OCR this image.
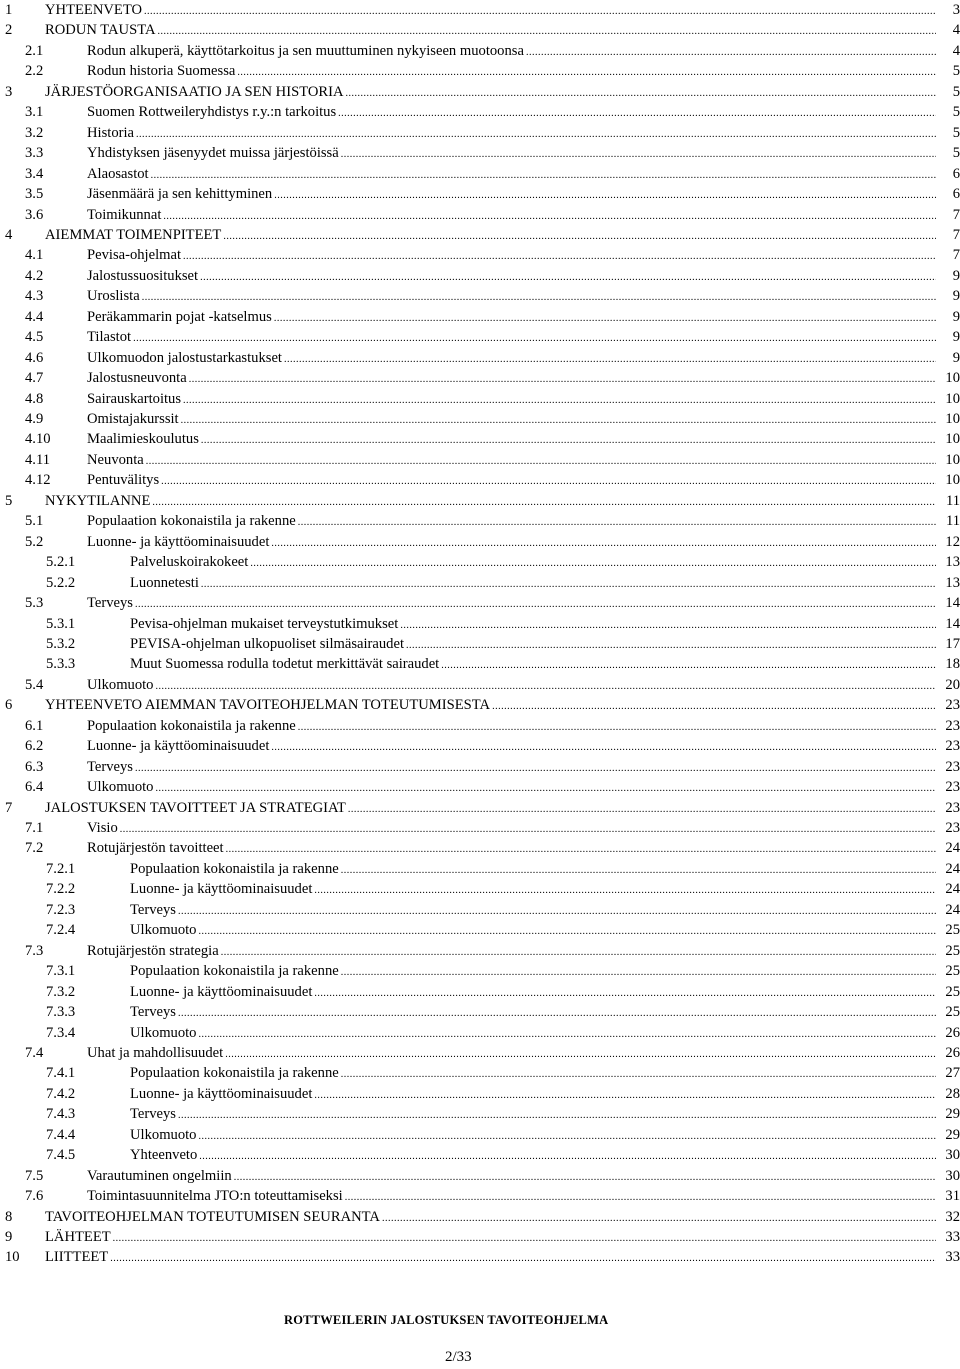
1 YHTEENVETO .....	3
2 RODUN TAUSTA .....	4
2.1	Rodun alkuperä, käyttötarkoitus ja sen muuttuminen nykyiseen muotoonsa .....	4
2.2	Rodun historia Suomessa .....	5
3 JÄRJESTÖORGANISAATIO JA SEN HISTORIA .....	5
3.1	Suomen Rottweileryhdistys r.y.:n tarkoitus .....	5
3.2	Historia .....	5
3.3	Yhdistyksen jäsenyydet muissa järjestöissä .....	5
3.4	Alaosastot .....	6
3.5	Jäsenmäärä ja sen kehittyminen .....	6
3.6	Toimikunnat .....	7
4 AIEMMAT TOIMENPITEET .....	7
4.1	Pevisa-ohjelmat .....	7
4.2	Jalostussuositukset .....	9
4.3	Uroslista .....	9
4.4	Peräkammarin pojat -katselmus .....	9
4.5	Tilastot .....	9
4.6	Ulkomuodon jalostustarkastukset .....	9
4.7	Jalostusneuvonta .....	10
4.8	Sairauskartoitus .....	10
4.9	Omistajakurssit .....	10
4.10 Maalimieskoulutus .....	10
4.11	Neuvonta .....	10
4.12 Pentuvälitys .....	10
5 NYKYTILANNE .....	11
5.1	Populaation kokonaistila ja rakenne .....	11
5.2	Luonne- ja käyttöominaisuudet .....	12
5.2.1	Palveluskoirakokeet .....	13
5.2.2	Luonnetesti .....	13
5.3	Terveys .....	14
5.3.1	Pevisa-ohjelman mukaiset terveystutkimukset .....	14
5.3.2	PEVISA-ohjelman ulkopuoliset silmäsairaudet .....	17
5.3.3	Muut Suomessa rodulla todetut merkittävät sairaudet .....	18
5.4	Ulkomuoto .....	20
6 YHTEENVETO AIEMMAN TAVOITEOHJELMAN TOTEUTUMISESTA .....	23
6.1	Populaation kokonaistila ja rakenne .....	23
6.2	Luonne- ja käyttöominaisuudet .....	23
6.3	Terveys .....	23
6.4	Ulkomuoto .....	23
7 JALOSTUKSEN TAVOITTEET JA STRATEGIAT .....	23
7.1	Visio .....	23
7.2	Rotujärjestön tavoitteet .....	24
7.2.1	Populaation kokonaistila ja rakenne .....	24
7.2.2	Luonne- ja käyttöominaisuudet .....	24
7.2.3	Terveys .....	24
7.2.4	Ulkomuoto .....	25
7.3	Rotujärjestön strategia .....	25
7.3.1	Populaation kokonaistila ja rakenne .....	25
7.3.2	Luonne- ja käyttöominaisuudet .....	25
7.3.3	Terveys .....	25
7.3.4	Ulkomuoto .....	26
7.4	Uhat ja mahdollisuudet .....	26
7.4.1	Populaation kokonaistila ja rakenne .....	27
7.4.2	Luonne- ja käyttöominaisuudet .....	28
7.4.3	Terveys .....	29
7.4.4	Ulkomuoto .....	29
7.4.5	Yhteenveto .....	30
7.5	Varautuminen ongelmiin .....	30
7.6	Toimintasuunnitelma JTO:n toteuttamiseksi .....	31
8 TAVOITEOHJELMAN TOTEUTUMISEN SEURANTA .....	32
9 LÄHTEET .....	33
10 LIITTEET .....	33
ROTTWEILERIN JALOSTUKSEN TAVOITEOHJELMA
2/33
